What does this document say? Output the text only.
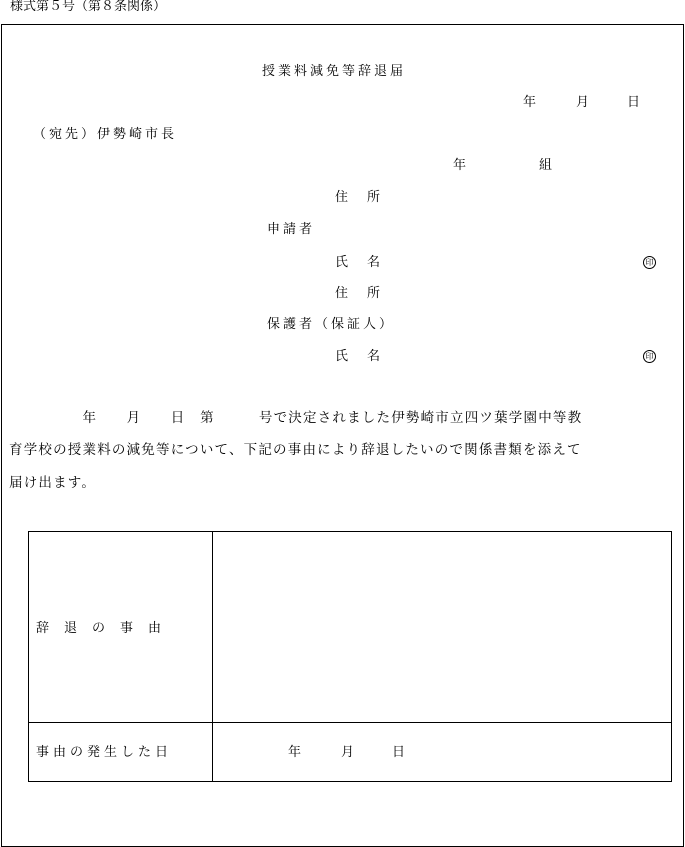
様式第５号（第８条関係）
授業料減免等辞退届
年	月	日
（宛先）伊勢崎市長
年	組
住　所
申請者
氏　名	印
住　所
保護者（保証人）
氏　名	印
　　　　　年　　月　　日　第　　　号で決定されました伊勢崎市立四ツ葉学園中等教
育学校の授業料の減免等について、下記の事由により辞退したいので関係書類を添えて
届け出ます。
辞　退　の　事　由
事由の発生した日	年	月	日
